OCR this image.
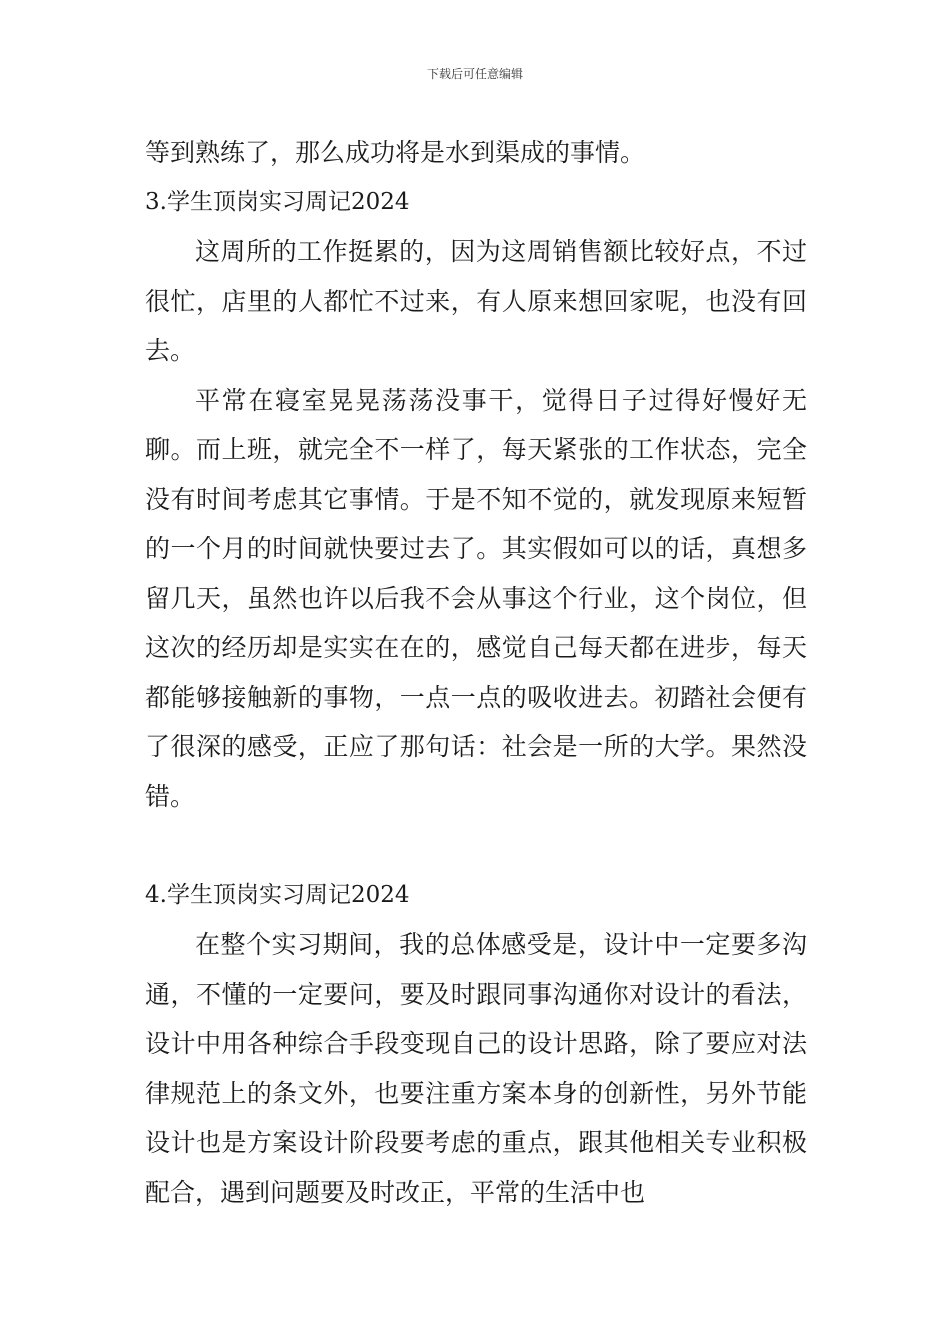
下载后可任意编辑

等到熟练了，那么成功将是水到渠成的事情。

3.学生顶岗实习周记2024

这周所的工作挺累的，因为这周销售额比较好点，不过很忙，店里的人都忙不过来，有人原来想回家呢，也没有回去。

平常在寝室晃晃荡荡没事干，觉得日子过得好慢好无聊。而上班，就完全不一样了，每天紧张的工作状态，完全没有时间考虑其它事情。于是不知不觉的，就发现原来短暂的一个月的时间就快要过去了。其实假如可以的话，真想多留几天，虽然也许以后我不会从事这个行业，这个岗位，但这次的经历却是实实在在的，感觉自己每天都在进步，每天都能够接触新的事物，一点一点的吸收进去。初踏社会便有了很深的感受，正应了那句话：社会是一所的大学。果然没错。

4.学生顶岗实习周记2024

在整个实习期间，我的总体感受是，设计中一定要多沟通，不懂的一定要问，要及时跟同事沟通你对设计的看法，设计中用各种综合手段变现自己的设计思路，除了要应对法律规范上的条文外，也要注重方案本身的创新性，另外节能设计也是方案设计阶段要考虑的重点，跟其他相关专业积极配合，遇到问题要及时改正，平常的生活中也
